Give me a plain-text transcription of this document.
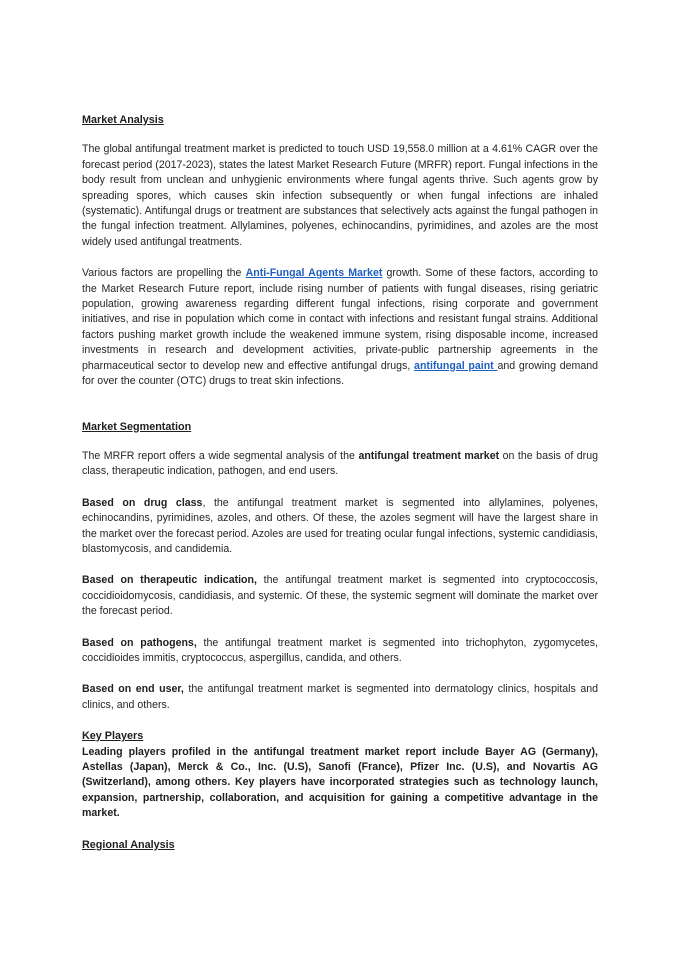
Market Analysis

The global antifungal treatment market is predicted to touch USD 19,558.0 million at a 4.61% CAGR over the forecast period (2017-2023), states the latest Market Research Future (MRFR) report. Fungal infections in the body result from unclean and unhygienic environments where fungal agents thrive. Such agents grow by spreading spores, which causes skin infection subsequently or when fungal infections are inhaled (systematic). Antifungal drugs or treatment are substances that selectively acts against the fungal pathogen in the fungal infection treatment. Allylamines, polyenes, echinocandins, pyrimidines, and azoles are the most widely used antifungal treatments.

Various factors are propelling the Anti-Fungal Agents Market growth. Some of these factors, according to the Market Research Future report, include rising number of patients with fungal diseases, rising geriatric population, growing awareness regarding different fungal infections, rising corporate and government initiatives, and rise in population which come in contact with infections and resistant fungal strains. Additional factors pushing market growth include the weakened immune system, rising disposable income, increased investments in research and development activities, private-public partnership agreements in the pharmaceutical sector to develop new and effective antifungal drugs, antifungal paint and growing demand for over the counter (OTC) drugs to treat skin infections.

Market Segmentation

The MRFR report offers a wide segmental analysis of the antifungal treatment market on the basis of drug class, therapeutic indication, pathogen, and end users.

Based on drug class, the antifungal treatment market is segmented into allylamines, polyenes, echinocandins, pyrimidines, azoles, and others. Of these, the azoles segment will have the largest share in the market over the forecast period. Azoles are used for treating ocular fungal infections, systemic candidiasis, blastomycosis, and candidemia.

Based on therapeutic indication, the antifungal treatment market is segmented into cryptococcosis, coccidioidomycosis, candidiasis, and systemic. Of these, the systemic segment will dominate the market over the forecast period.

Based on pathogens, the antifungal treatment market is segmented into trichophyton, zygomycetes, coccidioides immitis, cryptococcus, aspergillus, candida, and others.

Based on end user, the antifungal treatment market is segmented into dermatology clinics, hospitals and clinics, and others.

Key Players

Leading players profiled in the antifungal treatment market report include Bayer AG (Germany), Astellas (Japan), Merck & Co., Inc. (U.S), Sanofi (France), Pfizer Inc. (U.S), and Novartis AG (Switzerland), among others. Key players have incorporated strategies such as technology launch, expansion, partnership, collaboration, and acquisition for gaining a competitive advantage in the market.

Regional Analysis
